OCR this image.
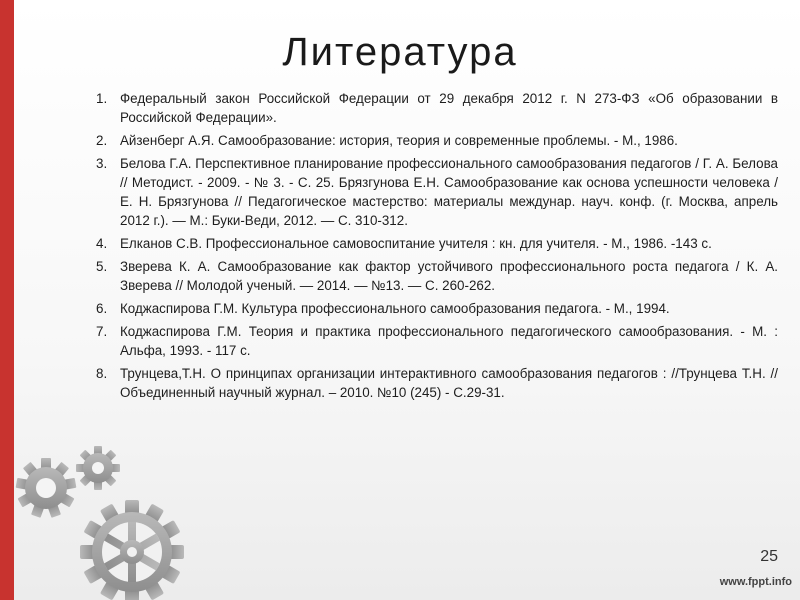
Литература
1. Федеральный закон Российской Федерации от 29 декабря 2012 г. N 273-ФЗ «Об образовании в Российской Федерации».
2. Айзенберг А.Я. Самообразование: история, теория и современные проблемы. - М., 1986.
3. Белова Г.А. Перспективное планирование профессионального самообразования педагогов / Г. А. Белова // Методист. - 2009. - № 3. - С. 25. Брязгунова Е.Н. Самообразование как основа успешности человека / Е. Н. Брязгунова // Педагогическое мастерство: материалы междунар. науч. конф. (г. Москва, апрель 2012 г.). — М.: Буки-Веди, 2012. — С. 310-312.
4. Елканов С.В. Профессиональное самовоспитание учителя : кн. для учителя. - М., 1986. -143 с.
5. Зверева К. А. Самообразование как фактор устойчивого профессионального роста педагога / К. А. Зверева // Молодой ученый. — 2014. — №13. — С. 260-262.
6. Коджаспирова Г.М. Культура профессионального самообразования педагога. - М., 1994.
7. Коджаспирова Г.М. Теория и практика профессионального педагогического самообразования. - М. : Альфа, 1993. - 117 с.
8. Трунцева,Т.Н. О принципах организации интерактивного самообразования педагогов : //Трунцева Т.Н. // Объединенный научный журнал. – 2010. №10 (245) - С.29-31.
25
www.fppt.info
